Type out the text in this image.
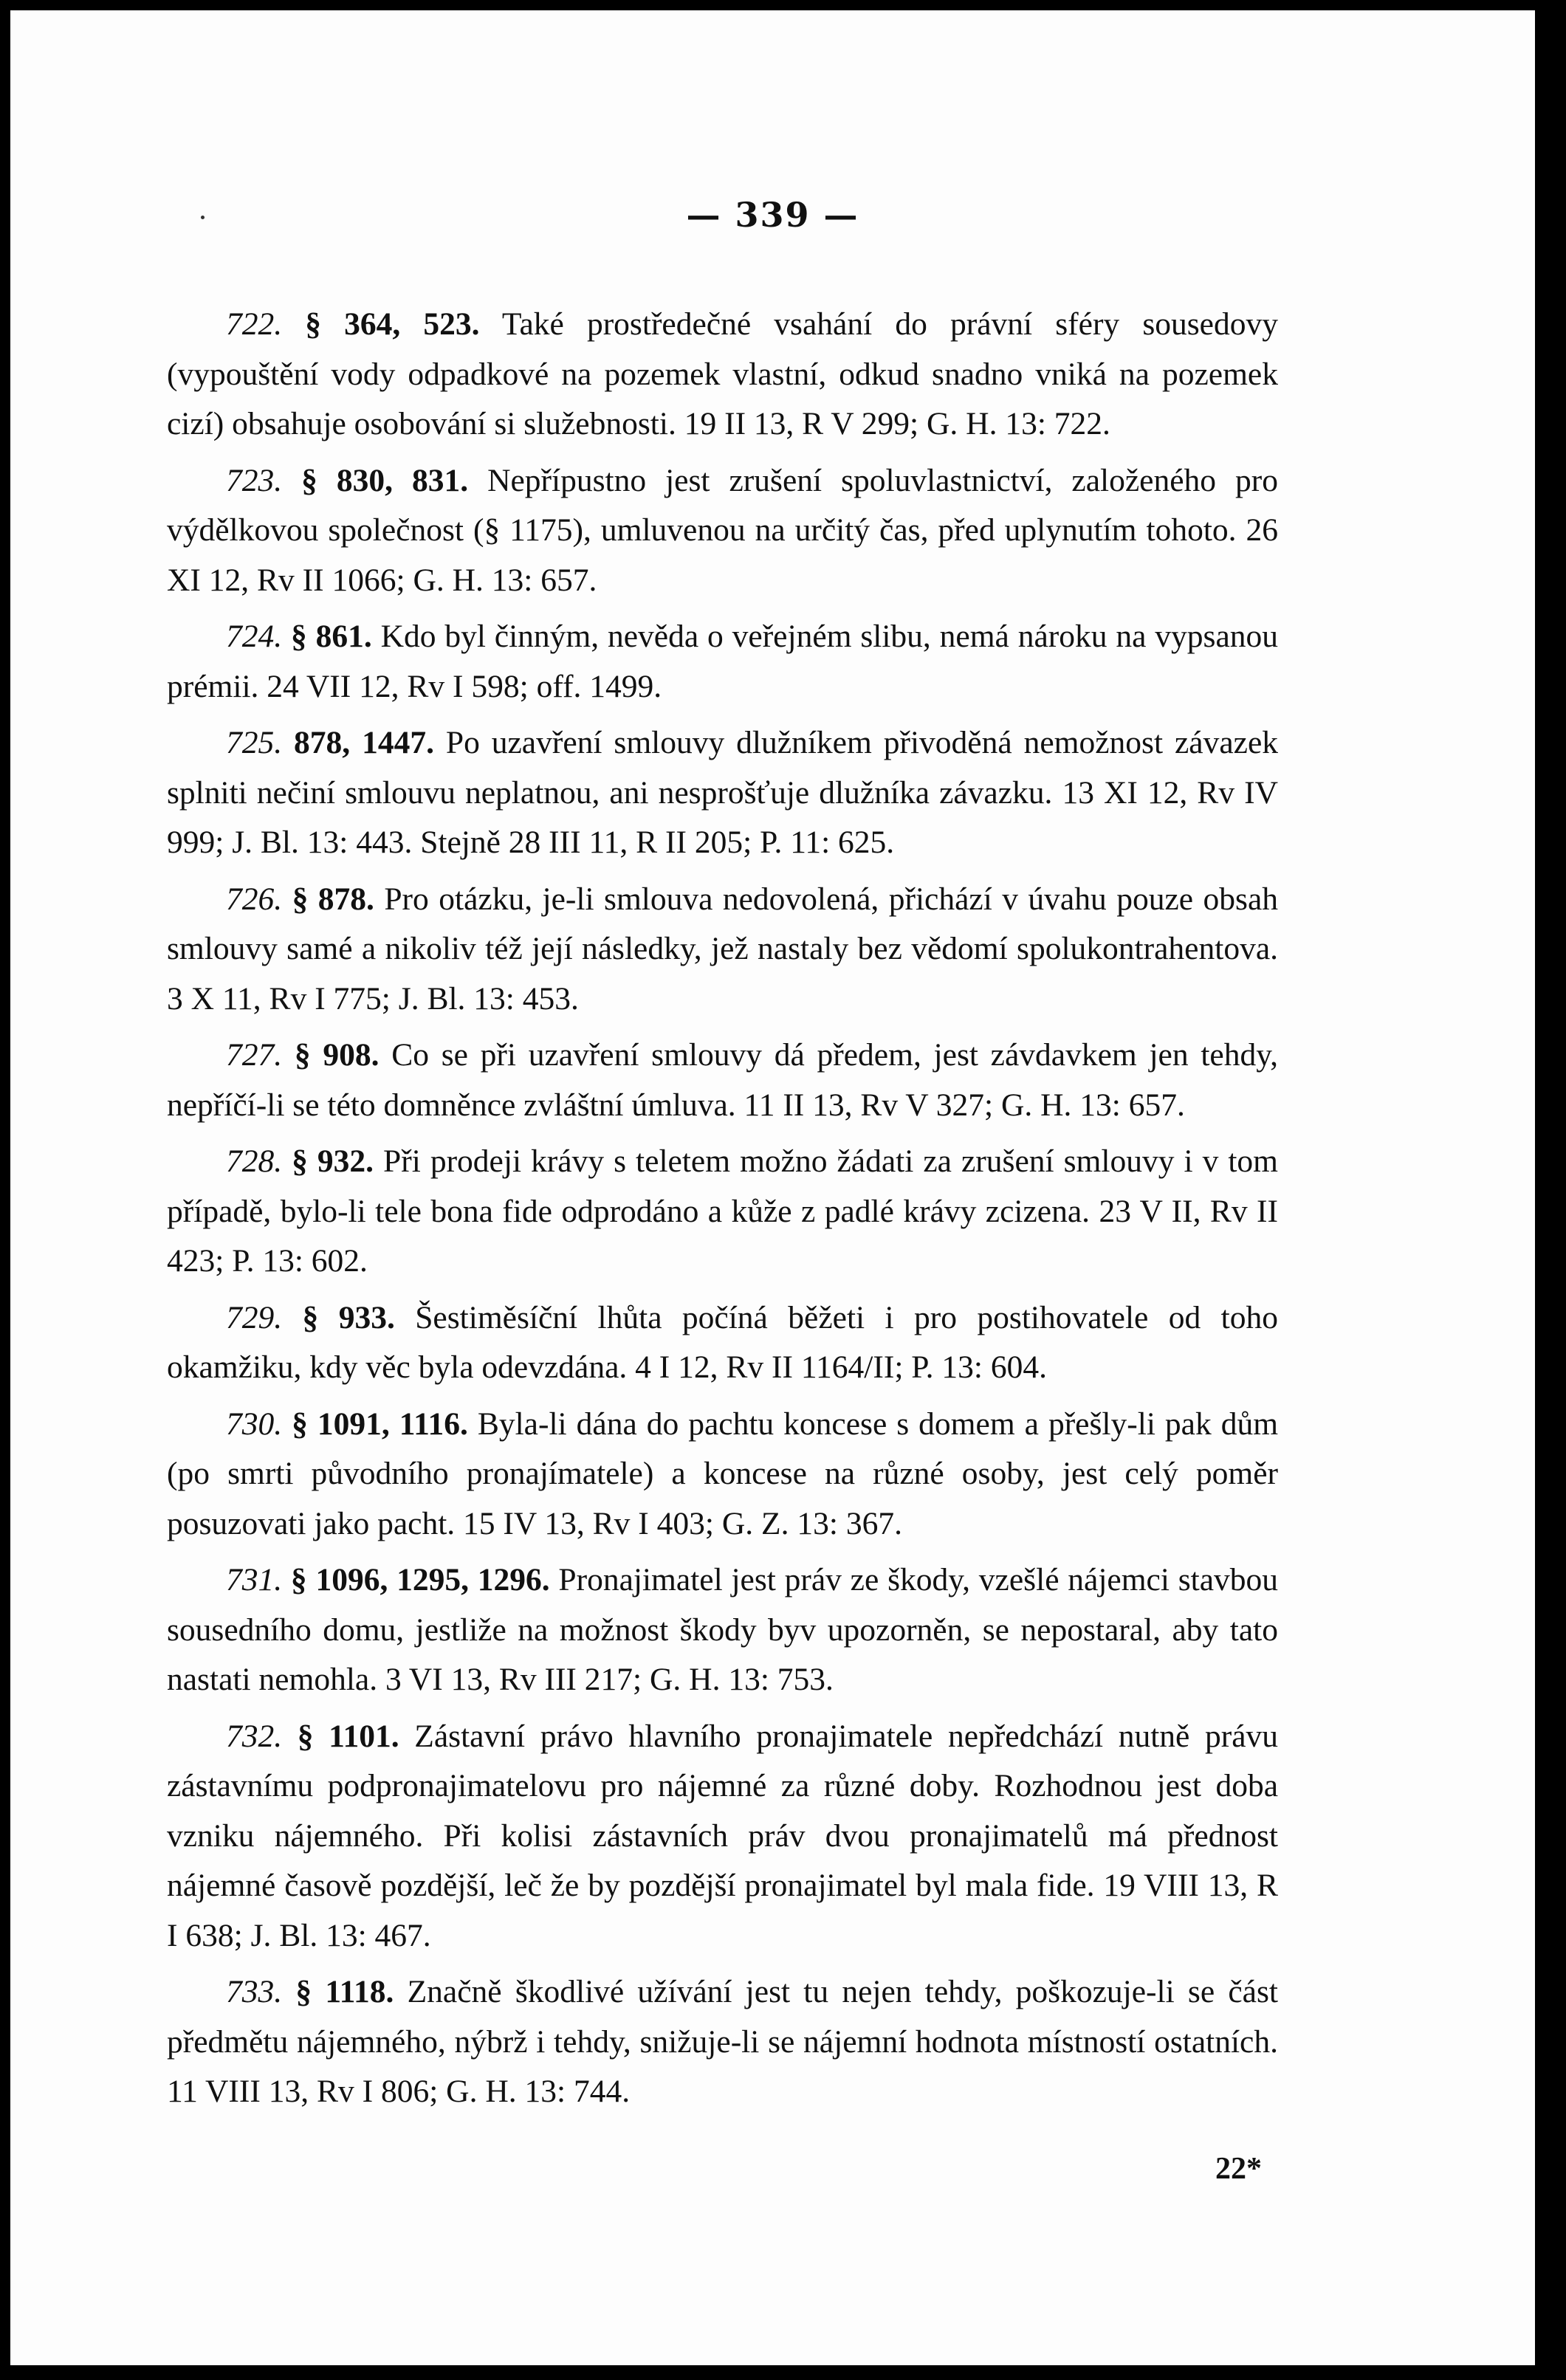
— 339 —

722. § 364, 523. Také prostředečné vsahání do právní sféry sousedovy (vypouštění vody odpadkové na pozemek vlastní, odkud snadno vniká na pozemek cizí) obsahuje osobování si služebnosti. 19 II 13, R V 299; G. H. 13: 722.

723. § 830, 831. Nepřípustno jest zrušení spoluvlastnictví, založeného pro výdělkovou společnost (§ 1175), umluvenou na určitý čas, před uplynutím tohoto. 26 XI 12, Rv II 1066; G. H. 13: 657.

724. § 861. Kdo byl činným, nevěda o veřejném slibu, nemá nároku na vypsanou prémii. 24 VII 12, Rv I 598; off. 1499.

725. 878, 1447. Po uzavření smlouvy dlužníkem přivoděná nemožnost závazek splniti nečiní smlouvu neplatnou, ani nesprošťuje dlužníka závazku. 13 XI 12, Rv IV 999; J. Bl. 13: 443. Stejně 28 III 11, R II 205; P. 11: 625.

726. § 878. Pro otázku, je-li smlouva nedovolená, přichází v úvahu pouze obsah smlouvy samé a nikoliv též její následky, jež nastaly bez vědomí spolukontrahentova. 3 X 11, Rv I 775; J. Bl. 13: 453.

727. § 908. Co se při uzavření smlouvy dá předem, jest závdavkem jen tehdy, nepříčí-li se této domněnce zvláštní úmluva. 11 II 13, Rv V 327; G. H. 13: 657.

728. § 932. Při prodeji krávy s teletem možno žádati za zrušení smlouvy i v tom případě, bylo-li tele bona fide odprodáno a kůže z padlé krávy zcizena. 23 V II, Rv II 423; P. 13: 602.

729. § 933. Šestiměsíční lhůta počíná běžeti i pro postihovatele od toho okamžiku, kdy věc byla odevzdána. 4 I 12, Rv II 1164/II; P. 13: 604.

730. § 1091, 1116. Byla-li dána do pachtu koncese s domem a přešly-li pak dům (po smrti původního pronajímatele) a koncese na různé osoby, jest celý poměr posuzovati jako pacht. 15 IV 13, Rv I 403; G. Z. 13: 367.

731. § 1096, 1295, 1296. Pronajimatel jest práv ze škody, vzešlé nájemci stavbou sousedního domu, jestliže na možnost škody byv upozorněn, se nepostaral, aby tato nastati nemohla. 3 VI 13, Rv III 217; G. H. 13: 753.

732. § 1101. Zástavní právo hlavního pronajimatele nepředchází nutně právu zástavnímu podpronajimatelovu pro nájemné za různé doby. Rozhodnou jest doba vzniku nájemného. Při kolisi zástavních práv dvou pronajimatelů má přednost nájemné časově pozdější, leč že by pozdější pronajimatel byl mala fide. 19 VIII 13, R I 638; J. Bl. 13: 467.

733. § 1118. Značně škodlivé užívání jest tu nejen tehdy, poškozuje-li se část předmětu nájemného, nýbrž i tehdy, snižuje-li se nájemní hodnota místností ostatních. 11 VIII 13, Rv I 806; G. H. 13: 744.

22*
